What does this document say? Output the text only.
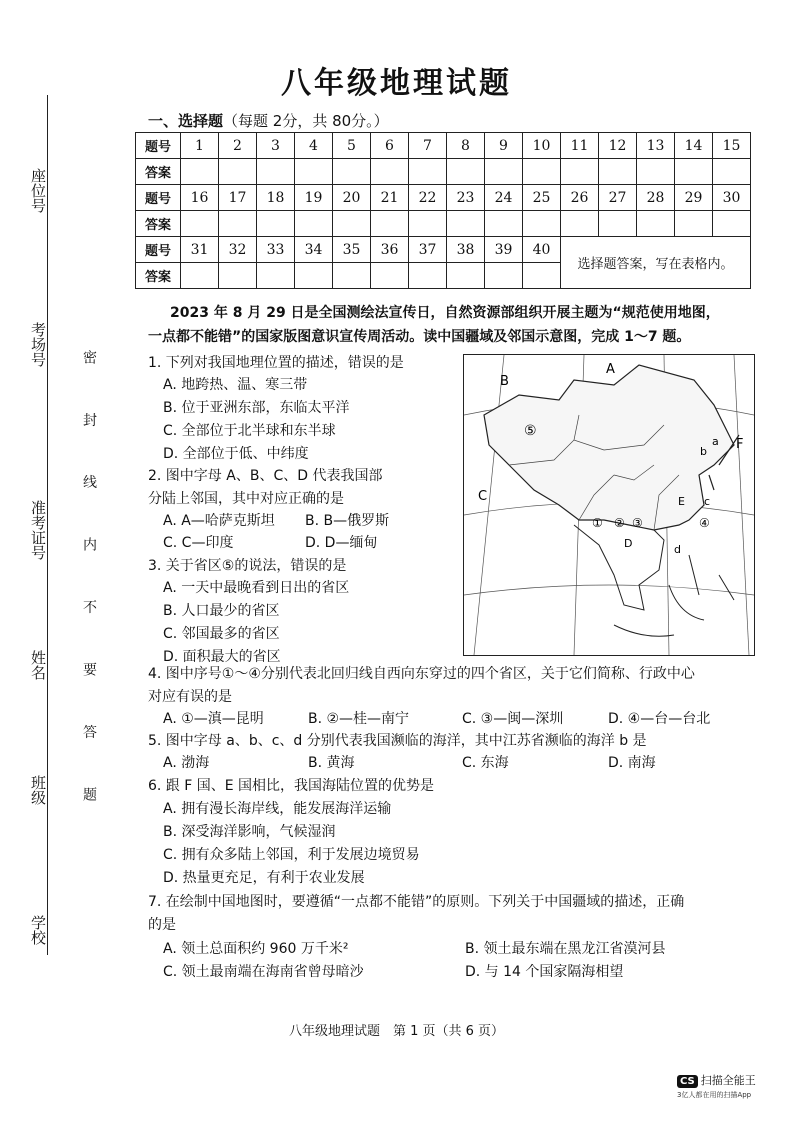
座位号
考场号
准考证号
姓名
班级
学校
密 封 线 内 不 要 答 题
八年级地理试题
一、选择题（每题 2分，共 80分。）
题号	1	2	3	4	5	6	7	8	9	10	11	12	13	14	15
答案															
题号	16	17	18	19	20	21	22	23	24	25	26	27	28	29	30
答案															
题号	31	32	33	34	35	36	37	38	39	40	选择题答案，写在表格内。				
答案															
2023 年 8 月 29 日是全国测绘法宣传日，自然资源部组织开展主题为“规范使用地图，
一点都不能错”的国家版图意识宣传周活动。读中国疆域及邻国示意图，完成 1～7 题。
1. 下列对我国地理位置的描述，错误的是
A. 地跨热、温、寒三带
B. 位于亚洲东部，东临太平洋
C. 全部位于北半球和东半球
D. 全部位于低、中纬度
2. 图中字母 A、B、C、D 代表我国部
分陆上邻国，其中对应正确的是
A. A—哈萨克斯坦 B. B—俄罗斯
C. C—印度	D. D—缅甸
3. 关于省区⑤的说法，错误的是
A. 一天中最晚看到日出的省区
B. 人口最少的省区
C. 邻国最多的省区
D. 面积最大的省区
A
B
C
D
E
F
a
b
c
d
① ② ③	④
⑤
4. 图中序号①～④分别代表北回归线自西向东穿过的四个省区，关于它们简称、行政中心
对应有误的是
A. ①—滇—昆明	B. ②—桂—南宁	C. ③—闽—深圳	D. ④—台—台北
5. 图中字母 a、b、c、d 分别代表我国濒临的海洋，其中江苏省濒临的海洋 b 是
A. 渤海	B. 黄海	C. 东海	D. 南海
6. 跟 F 国、E 国相比，我国海陆位置的优势是
A. 拥有漫长海岸线，能发展海洋运输
B. 深受海洋影响，气候湿润
C. 拥有众多陆上邻国，利于发展边境贸易
D. 热量更充足，有利于农业发展
7. 在绘制中国地图时，要遵循“一点都不能错”的原则。下列关于中国疆域的描述，正确
的是
A. 领土总面积约 960 万千米²	B. 领土最东端在黑龙江省漠河县
C. 领土最南端在海南省曾母暗沙	D. 与 14 个国家隔海相望
八年级地理试题　第 1 页（共 6 页）
CS 扫描全能王
3亿人都在用的扫描App
